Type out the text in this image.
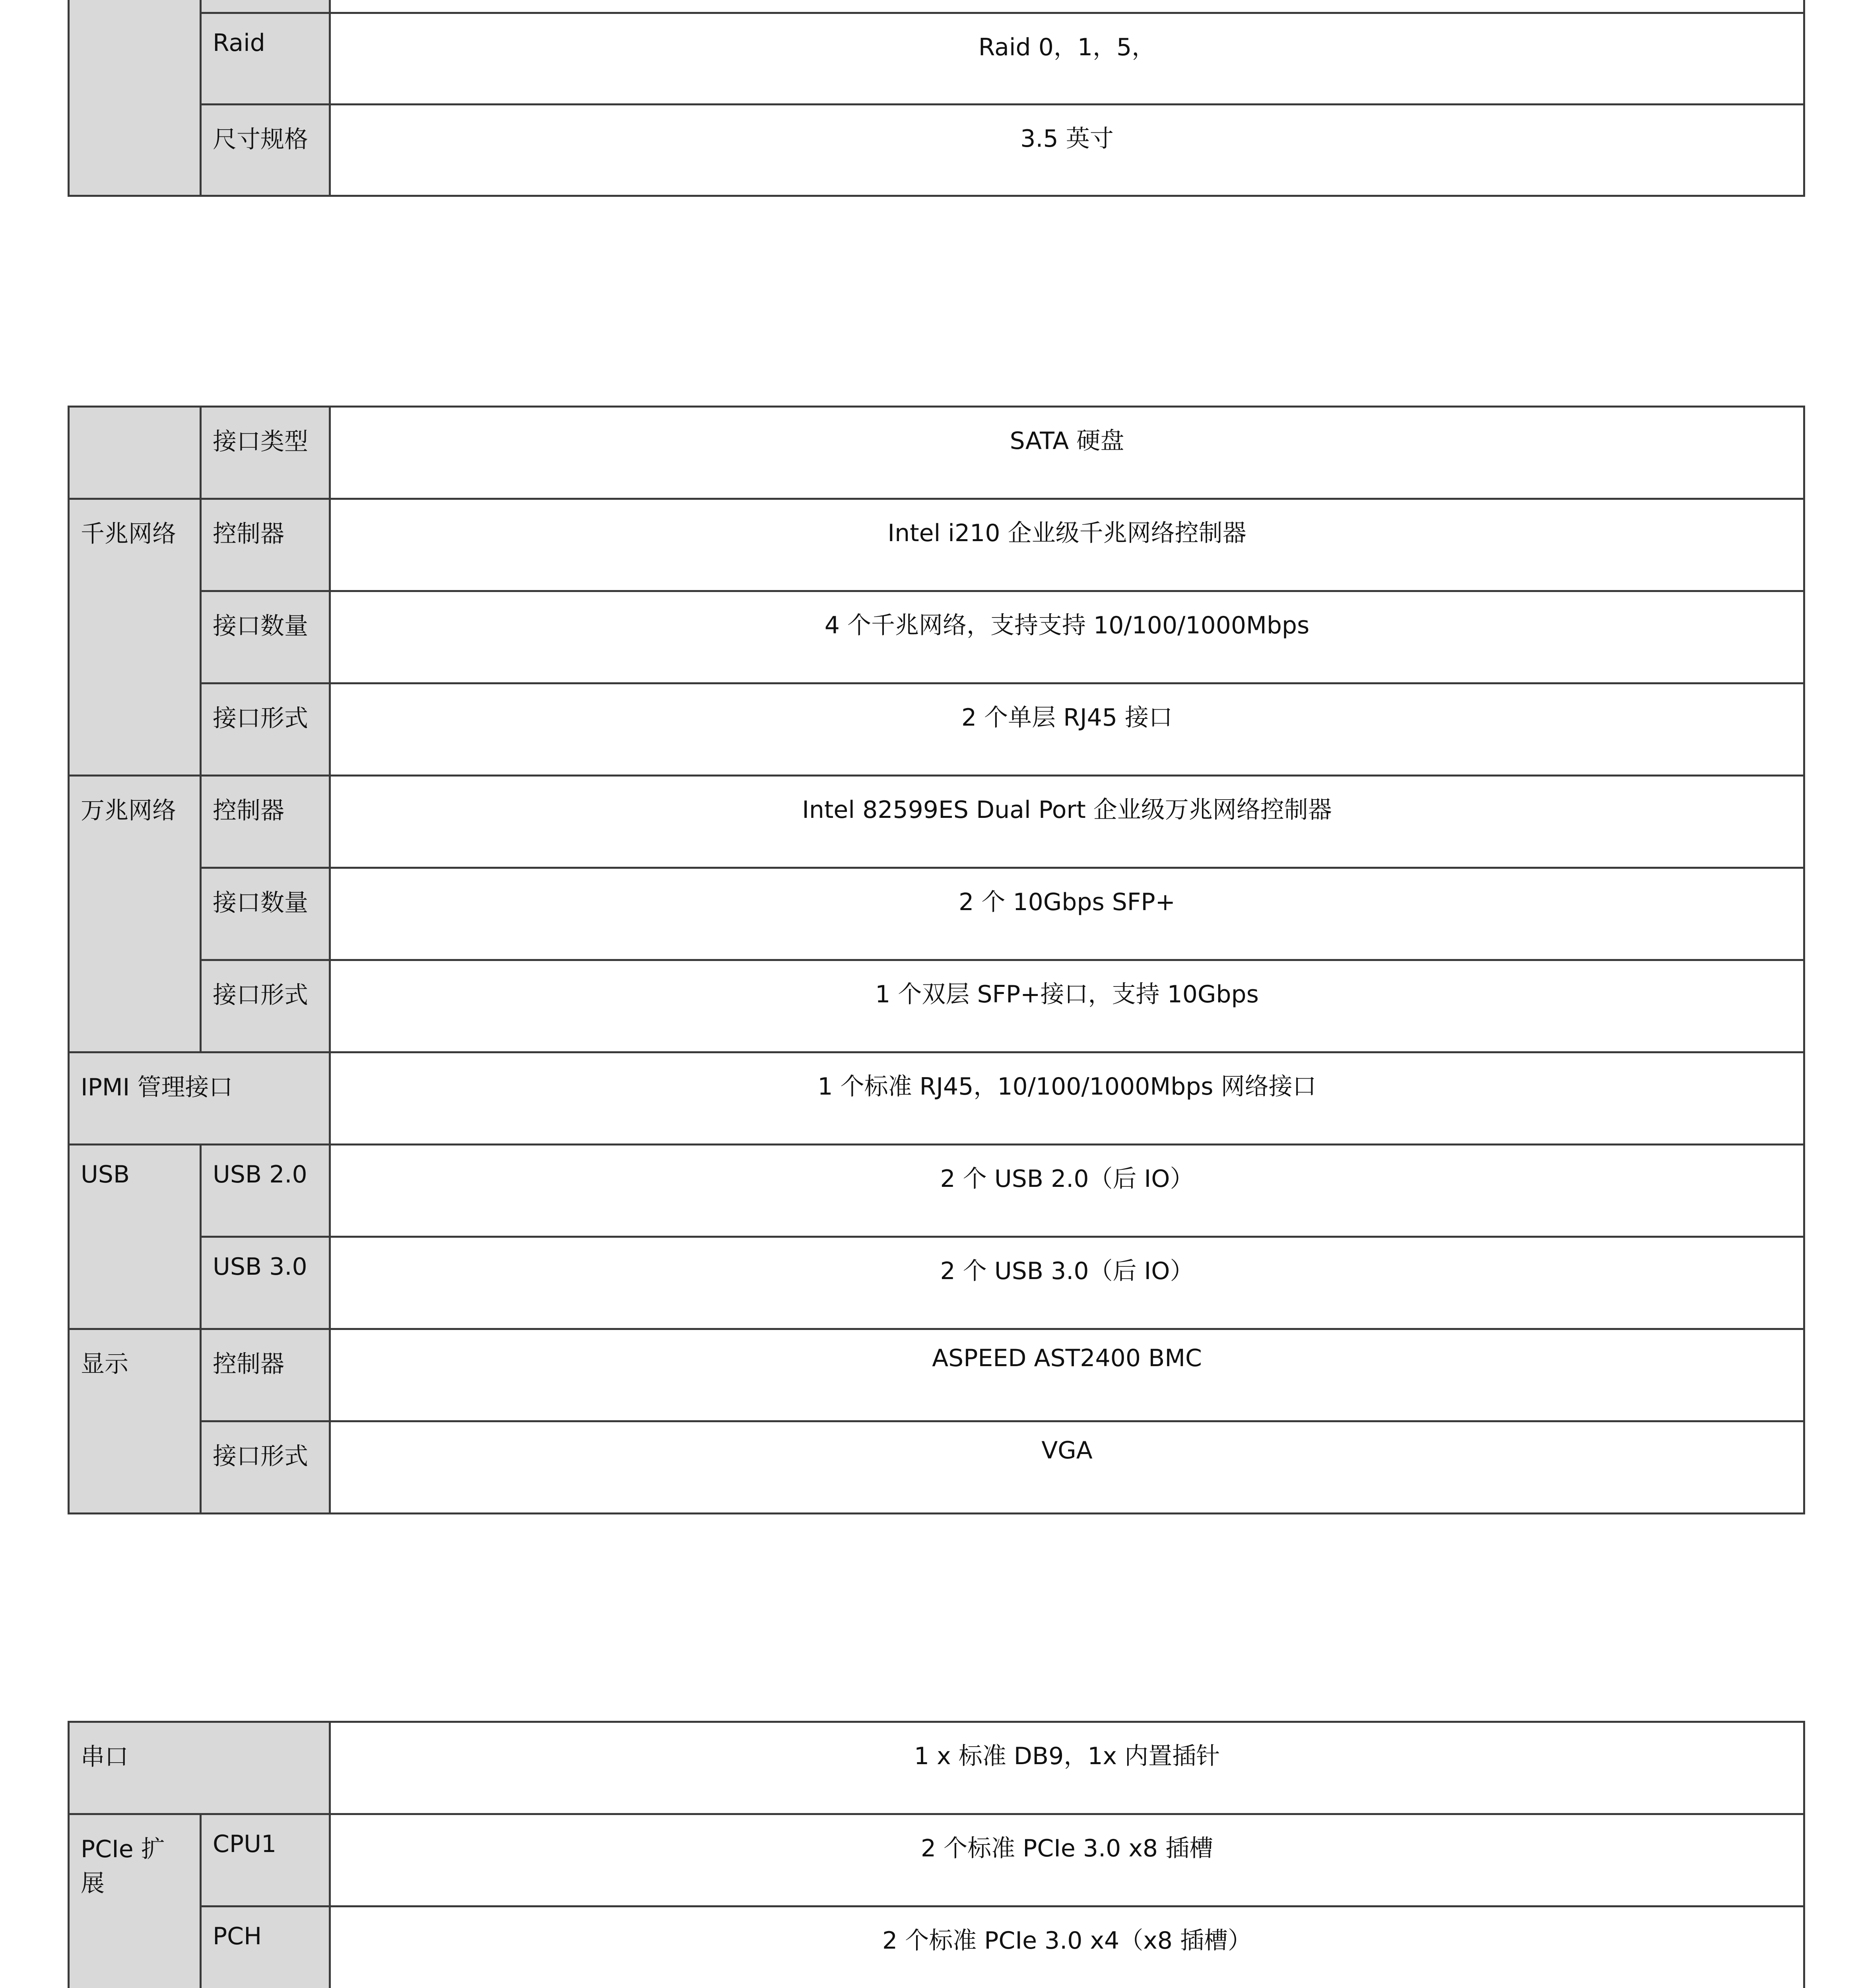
	Raid	Raid 0，1，5，
	尺寸规格	3.5 英寸
	接口类型	SATA 硬盘
千兆网络	控制器	Intel i210 企业级千兆网络控制器
	接口数量	4 个千兆网络，支持支持 10/100/1000Mbps
	接口形式	2 个单层 RJ45 接口
万兆网络	控制器	Intel 82599ES Dual Port 企业级万兆网络控制器
	接口数量	2 个 10Gbps SFP+
	接口形式	1 个双层 SFP+接口，支持 10Gbps
IPMI 管理接口		1 个标准 RJ45，10/100/1000Mbps 网络接口
USB	USB 2.0	2 个 USB 2.0（后 IO）
	USB 3.0	2 个 USB 3.0（后 IO）
显示	控制器	ASPEED AST2400 BMC
	接口形式	VGA
串口		1 x 标准 DB9，1x 内置插针
PCIe 扩展	CPU1	2 个标准 PCIe 3.0 x8 插槽
	PCH	2 个标准 PCIe 3.0 x4（x8 插槽）
